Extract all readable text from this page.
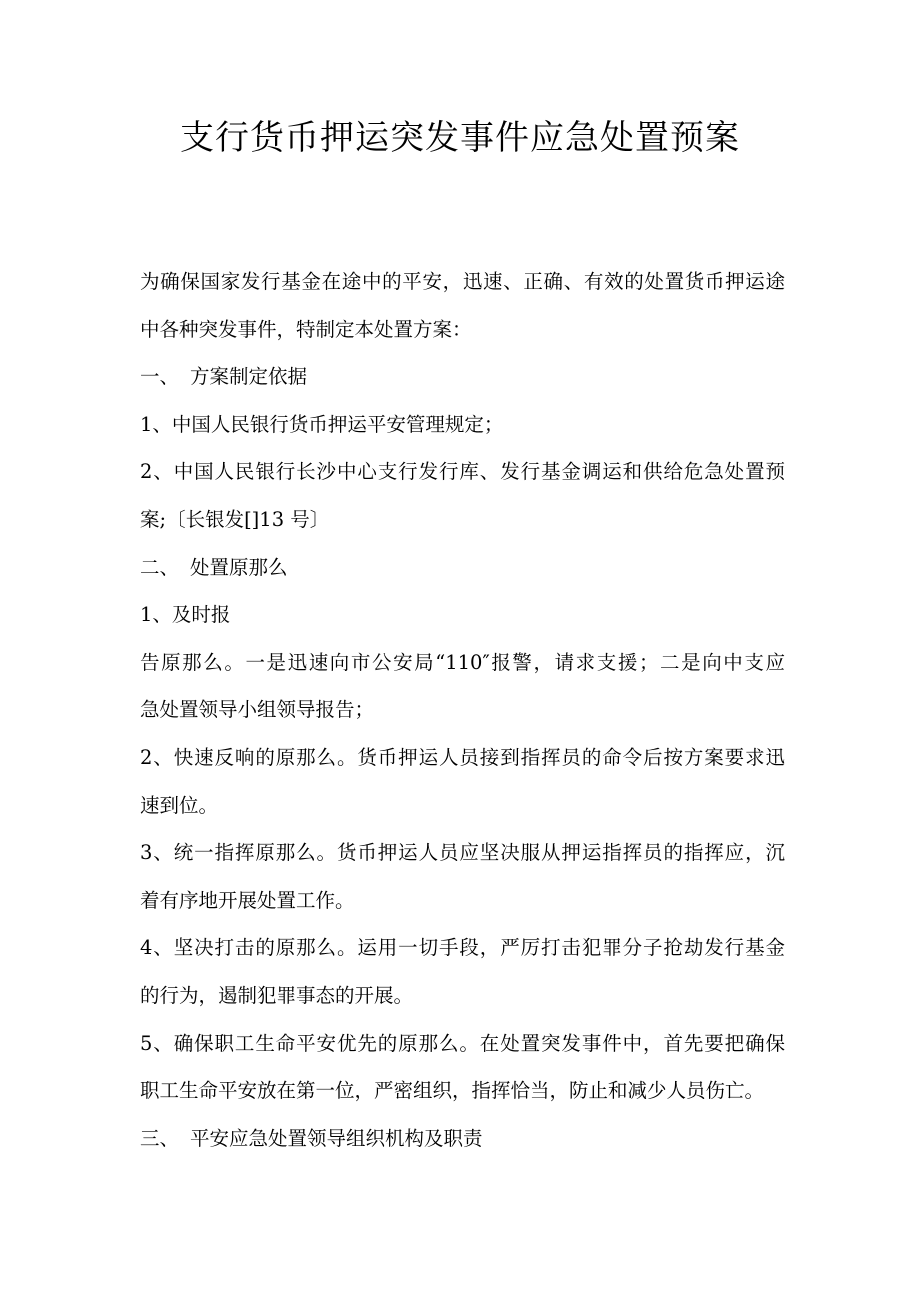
支行货币押运突发事件应急处置预案
为确保国家发行基金在途中的平安，迅速、正确、有效的处置货币押运途
中各种突发事件，特制定本处置方案：
一、 方案制定依据
1、中国人民银行货币押运平安管理规定；
2、中国人民银行长沙中心支行发行库、发行基金调运和供给危急处置预
案;〔长银发[]13 号〕
二、 处置原那么
1、及时报
告原那么。一是迅速向市公安局“110″报警，请求支援；二是向中支应
急处置领导小组领导报告；
2、快速反响的原那么。货币押运人员接到指挥员的命令后按方案要求迅
速到位。
3、统一指挥原那么。货币押运人员应坚决服从押运指挥员的指挥应，沉
着有序地开展处置工作。
4、坚决打击的原那么。运用一切手段，严厉打击犯罪分子抢劫发行基金
的行为，遏制犯罪事态的开展。
5、确保职工生命平安优先的原那么。在处置突发事件中，首先要把确保
职工生命平安放在第一位，严密组织，指挥恰当，防止和减少人员伤亡。
三、 平安应急处置领导组织机构及职责
